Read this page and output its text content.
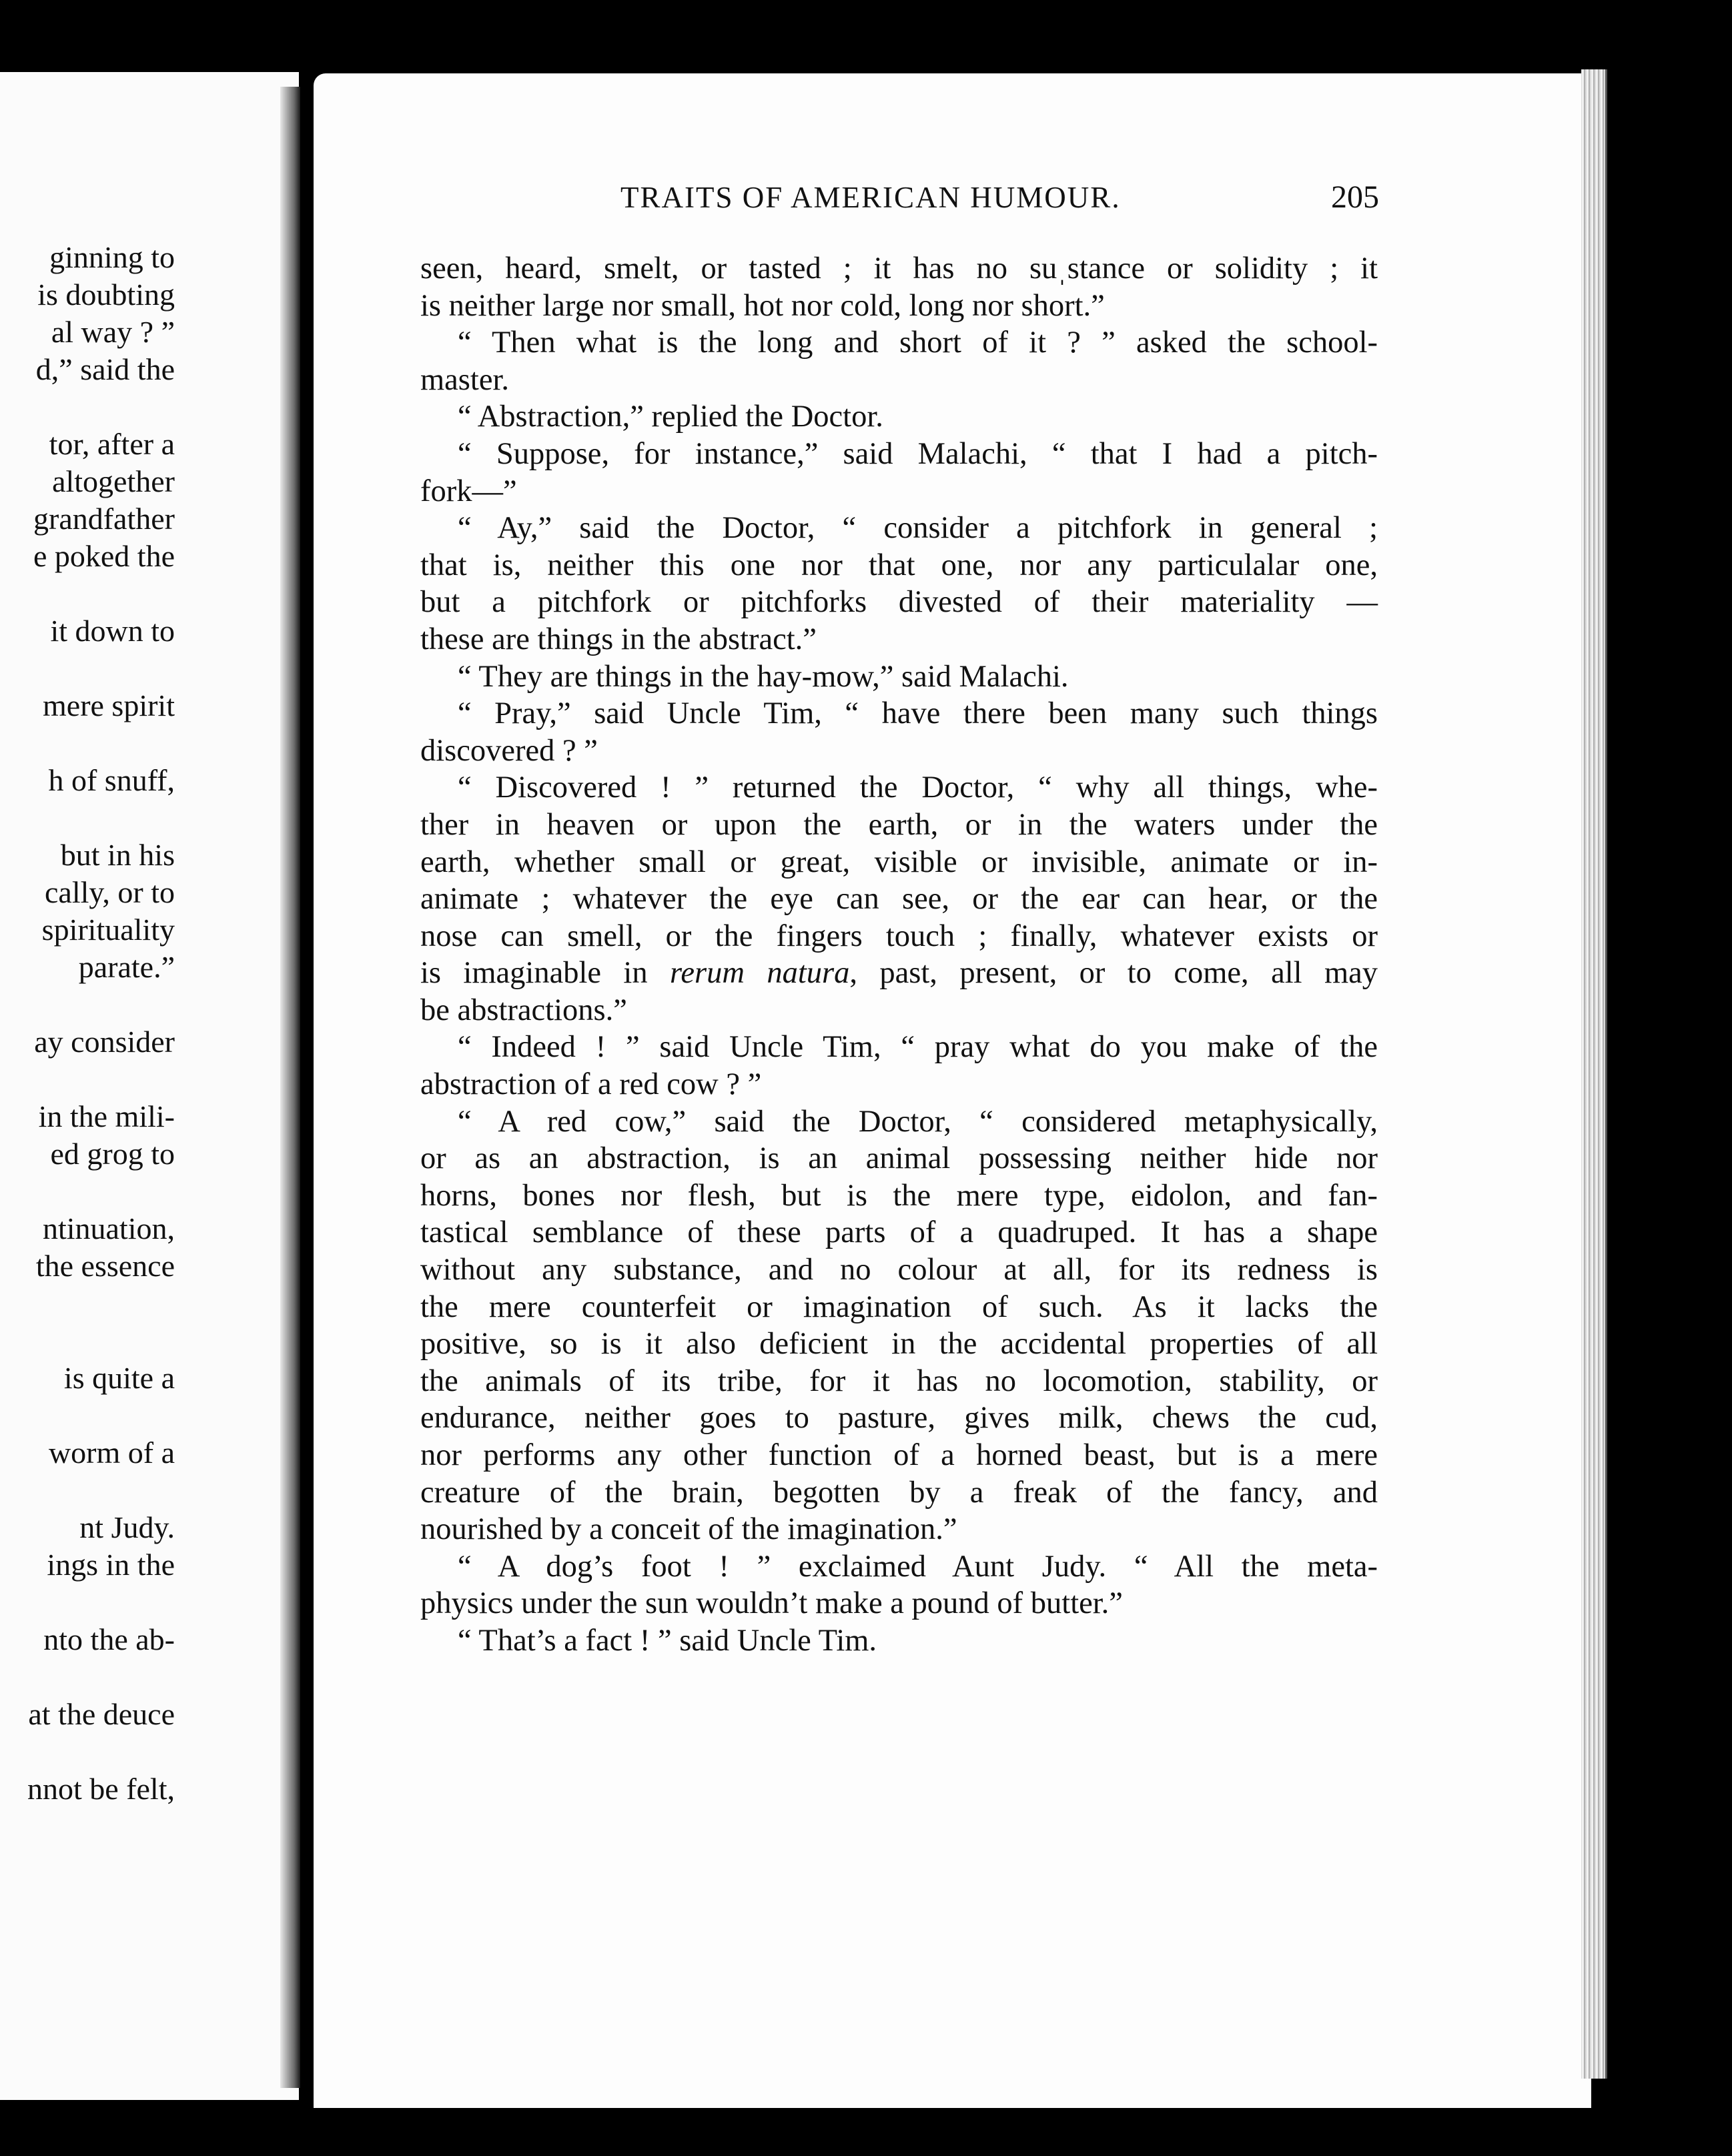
ginning to
is doubting
al way ? ”
d,” said the
tor, after a
altogether
grandfather
e poked the
it down to
mere spirit
h of snuff,
but in his
cally, or to
spirituality
parate.”
ay consider
in the mili-
ed grog to
ntinuation,
the essence
is quite a
worm of a
nt Judy.
ings in the
nto the ab-
at the deuce
nnot be felt,
TRAITS OF AMERICAN HUMOUR.	205
seen, heard, smelt, or tasted ; it has no suˌstance or solidity ; it
is neither large nor small, hot nor cold, long nor short.”
“ Then what is the long and short of it ? ” asked the school-
master.
“ Abstraction,” replied the Doctor.
“ Suppose, for instance,” said Malachi, “ that I had a pitch-
fork—”
“ Ay,” said the Doctor, “ consider a pitchfork in general ;
that is, neither this one nor that one, nor any particulalar one,
but a pitchfork or pitchforks divested of their materiality —
these are things in the abstract.”
“ They are things in the hay-mow,” said Malachi.
“ Pray,” said Uncle Tim, “ have there been many such things
discovered ? ”
“ Discovered ! ” returned the Doctor, “ why all things, whe-
ther in heaven or upon the earth, or in the waters under the
earth, whether small or great, visible or invisible, animate or in-
animate ; whatever the eye can see, or the ear can hear, or the
nose can smell, or the fingers touch ; finally, whatever exists or
is imaginable in rerum natura, past, present, or to come, all may
be abstractions.”
“ Indeed ! ” said Uncle Tim, “ pray what do you make of the
abstraction of a red cow ? ”
“ A red cow,” said the Doctor, “ considered metaphysically,
or as an abstraction, is an animal possessing neither hide nor
horns, bones nor flesh, but is the mere type, eidolon, and fan-
tastical semblance of these parts of a quadruped. It has a shape
without any substance, and no colour at all, for its redness is
the mere counterfeit or imagination of such. As it lacks the
positive, so is it also deficient in the accidental properties of all
the animals of its tribe, for it has no locomotion, stability, or
endurance, neither goes to pasture, gives milk, chews the cud,
nor performs any other function of a horned beast, but is a mere
creature of the brain, begotten by a freak of the fancy, and
nourished by a conceit of the imagination.”
“ A dog’s foot ! ” exclaimed Aunt Judy. “ All the meta-
physics under the sun wouldn’t make a pound of butter.”
“ That’s a fact ! ” said Uncle Tim.
